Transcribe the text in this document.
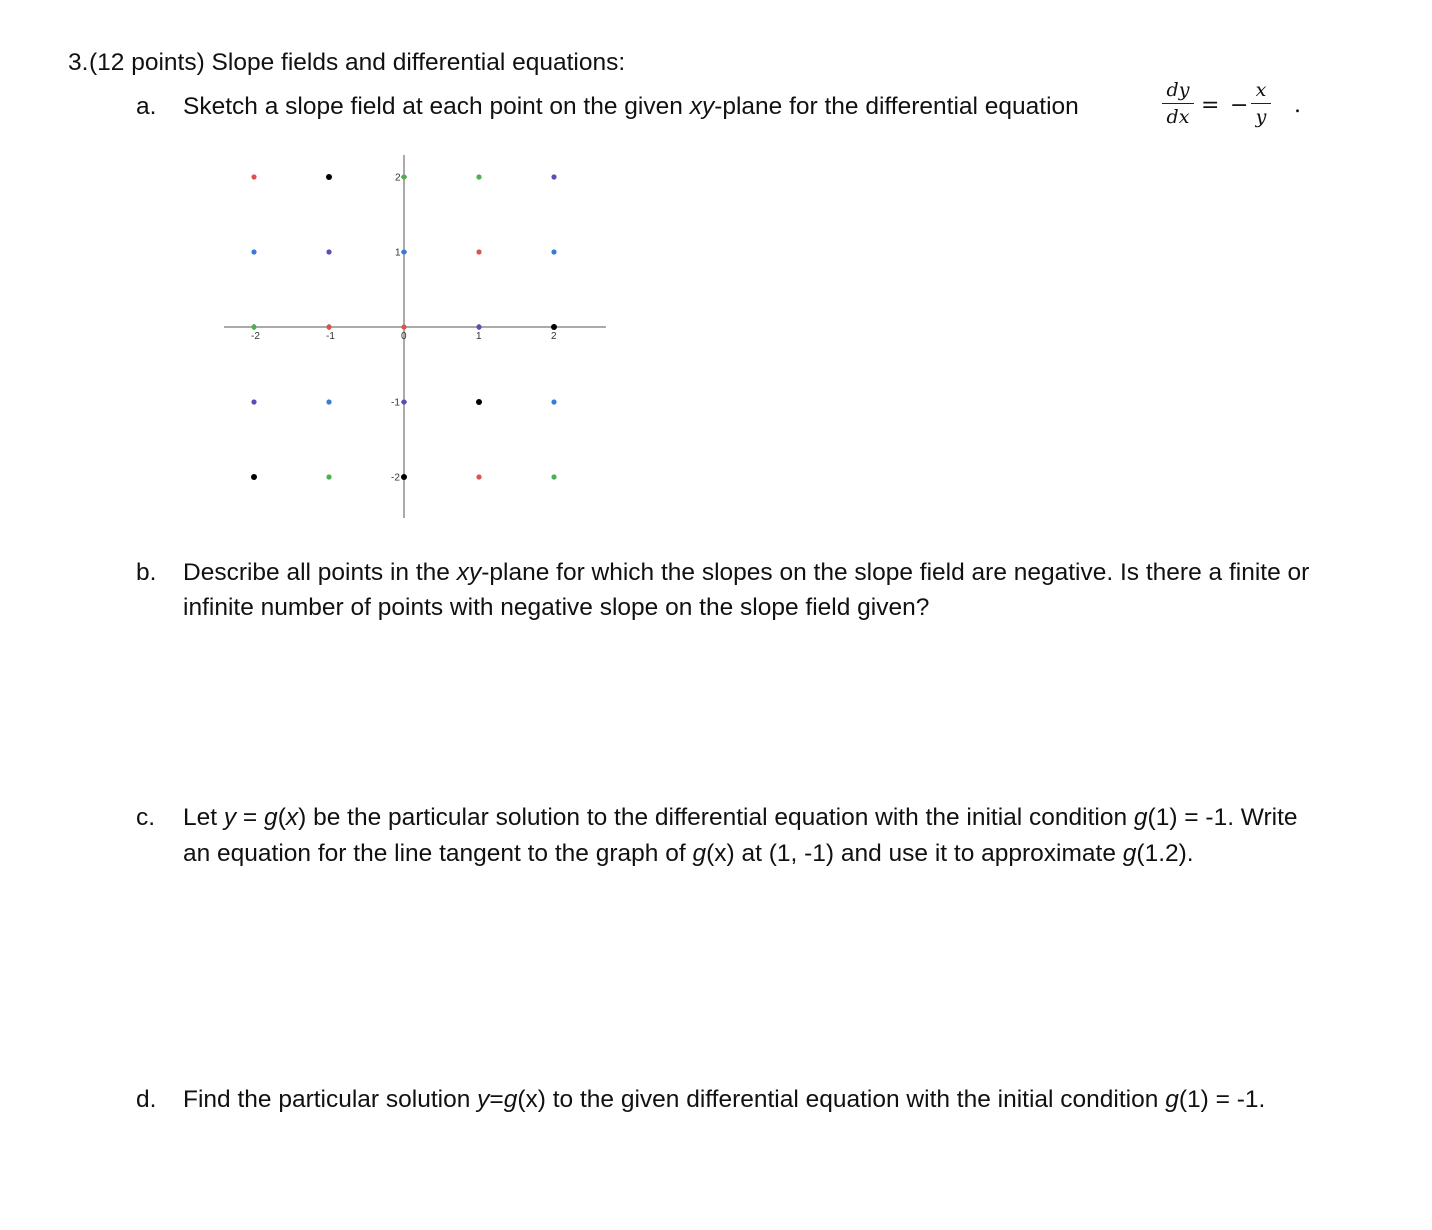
3. (12 points) Slope fields and differential equations:
a. Sketch a slope field at each point on the given xy-plane for the differential equation
dy
dx = −
x
y .
-2	-1	0	1	2
2
1
-1
-2
b. Describe all points in the xy-plane for which the slopes on the slope field are negative. Is there a finite or
infinite number of points with negative slope on the slope field given?
c. Let y = g(x) be the particular solution to the differential equation with the initial condition g(1) = -1. Write
an equation for the line tangent to the graph of g(x) at (1, -1) and use it to approximate g(1.2).
d. Find the particular solution y=g(x) to the given differential equation with the initial condition g(1) = -1.
